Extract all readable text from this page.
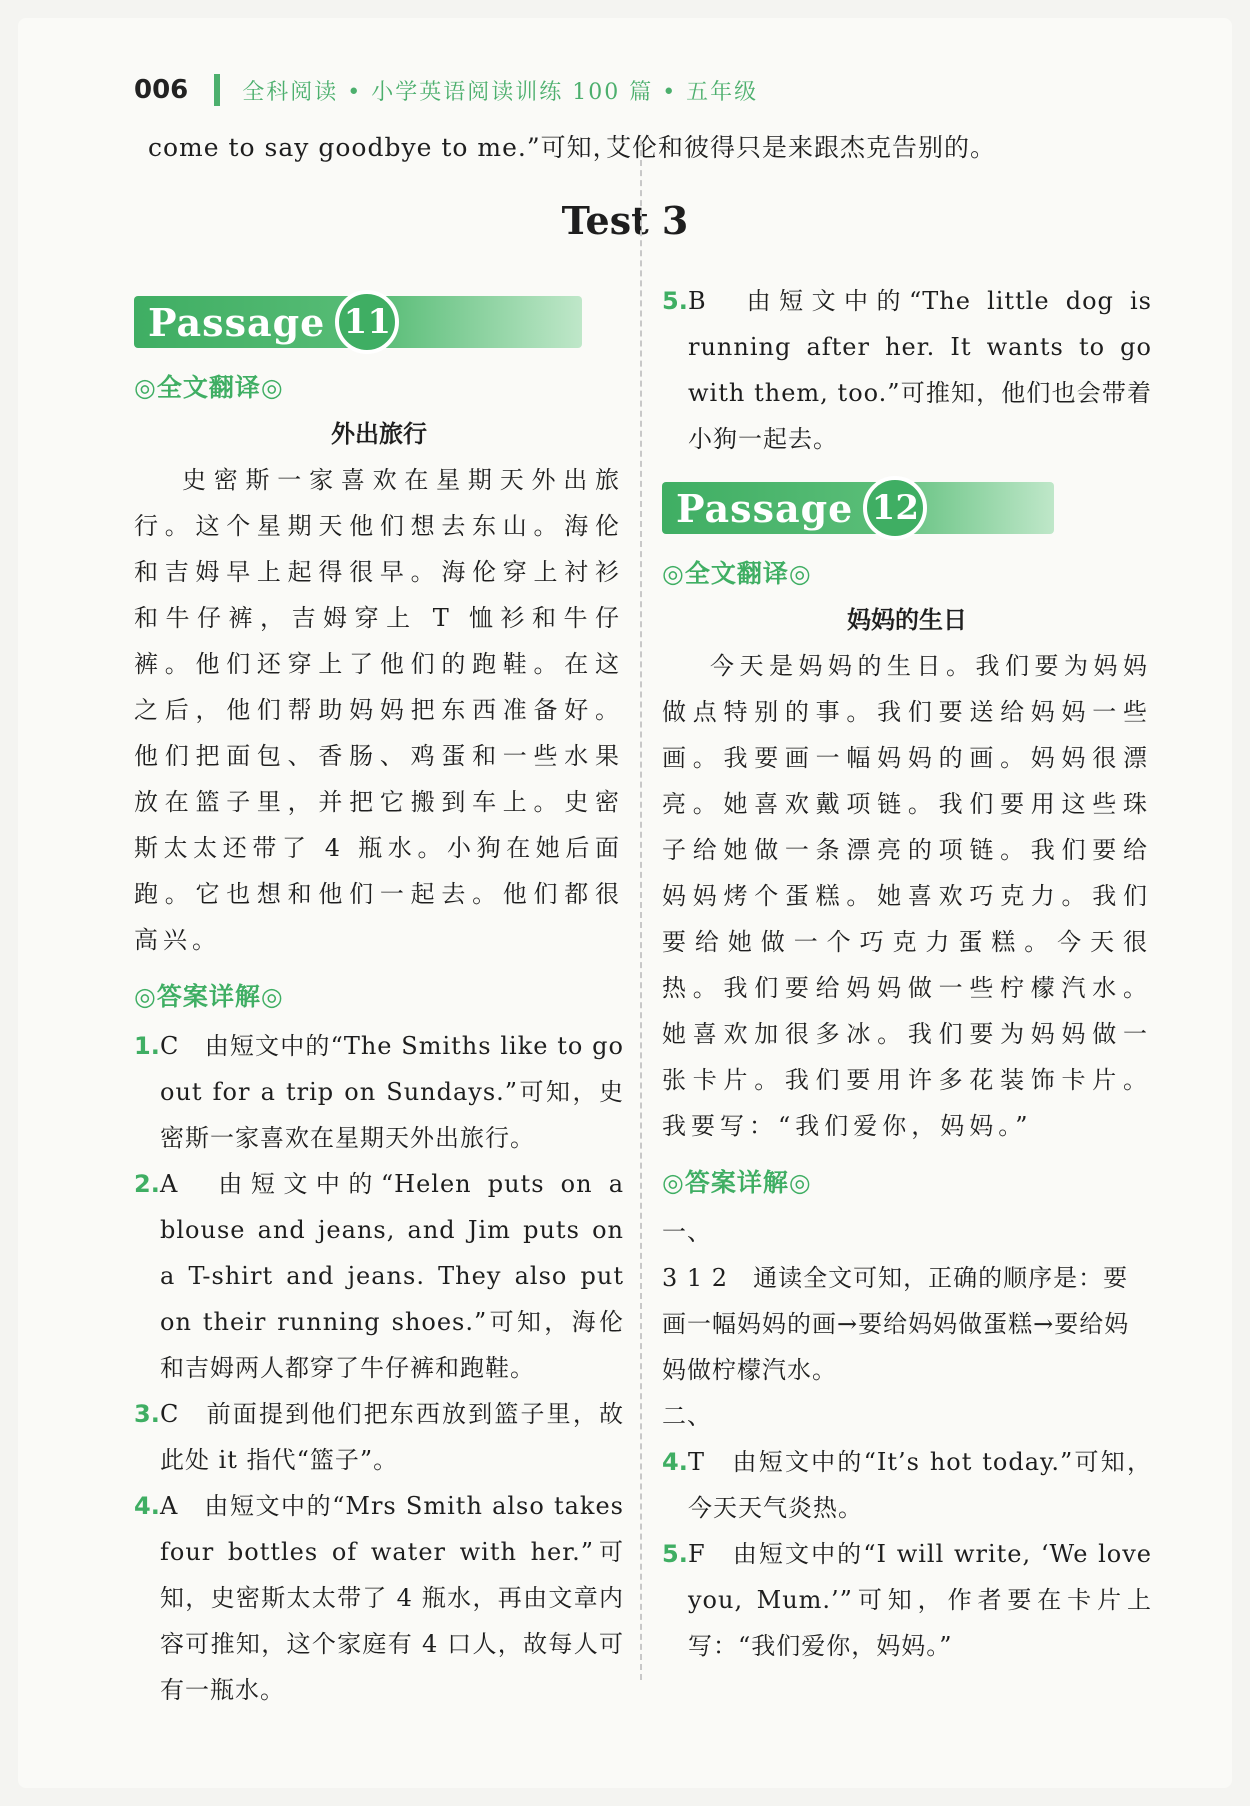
006 全科阅读 • 小学英语阅读训练 100 篇 • 五年级
come to say goodbye to me.”可知，
艾伦和彼得只是来跟杰克告别的。
Test 3
Passage 11
◎全文翻译◎
外出旅行
史密斯一家喜欢在星期天外出旅行。这个星期天他们想去东山。海伦和吉姆早上起得很早。海伦穿上衬衫和牛仔裤，吉姆穿上 T 恤衫和牛仔裤。他们还穿上了他们的跑鞋。在这之后，他们帮助妈妈把东西准备好。他们把面包、香肠、鸡蛋和一些水果放在篮子里，并把它搬到车上。史密斯太太还带了 4 瓶水。小狗在她后面跑。它也想和他们一起去。他们都很高兴。
◎答案详解◎
1. C　由短文中的“The Smiths like to go out for a trip on Sundays.”可知，史密斯一家喜欢在星期天外出旅行。
2. A　由短文中的“Helen puts on a blouse and jeans, and Jim puts on a T-shirt and jeans. They also put on their running shoes.”可知，海伦和吉姆两人都穿了牛仔裤和跑鞋。
3. C　前面提到他们把东西放到篮子里，故此处 it 指代“篮子”。
4. A　由短文中的“Mrs Smith also takes four bottles of water with her.”可知，史密斯太太带了 4 瓶水，再由文章内容可推知，这个家庭有 4 口人，故每人可有一瓶水。
5. B　由短文中的“The little dog is running after her. It wants to go with them, too.”可推知，他们也会带着小狗一起去。
Passage 12
◎全文翻译◎
妈妈的生日
今天是妈妈的生日。我们要为妈妈做点特别的事。我们要送给妈妈一些画。我要画一幅妈妈的画。妈妈很漂亮。她喜欢戴项链。我们要用这些珠子给她做一条漂亮的项链。我们要给妈妈烤个蛋糕。她喜欢巧克力。我们要给她做一个巧克力蛋糕。今天很热。我们要给妈妈做一些柠檬汽水。她喜欢加很多冰。我们要为妈妈做一张卡片。我们要用许多花装饰卡片。我要写：“我们爱你，妈妈。”
◎答案详解◎
一、
3 1 2　通读全文可知，正确的顺序是：要画一幅妈妈的画→要给妈妈做蛋糕→要给妈妈做柠檬汽水。
二、
4. T　由短文中的“It’s hot today.”可知，今天天气炎热。
5. F　由短文中的“I will write, ‘We love you, Mum.’”可知，作者要在卡片上写：“我们爱你，妈妈。”
